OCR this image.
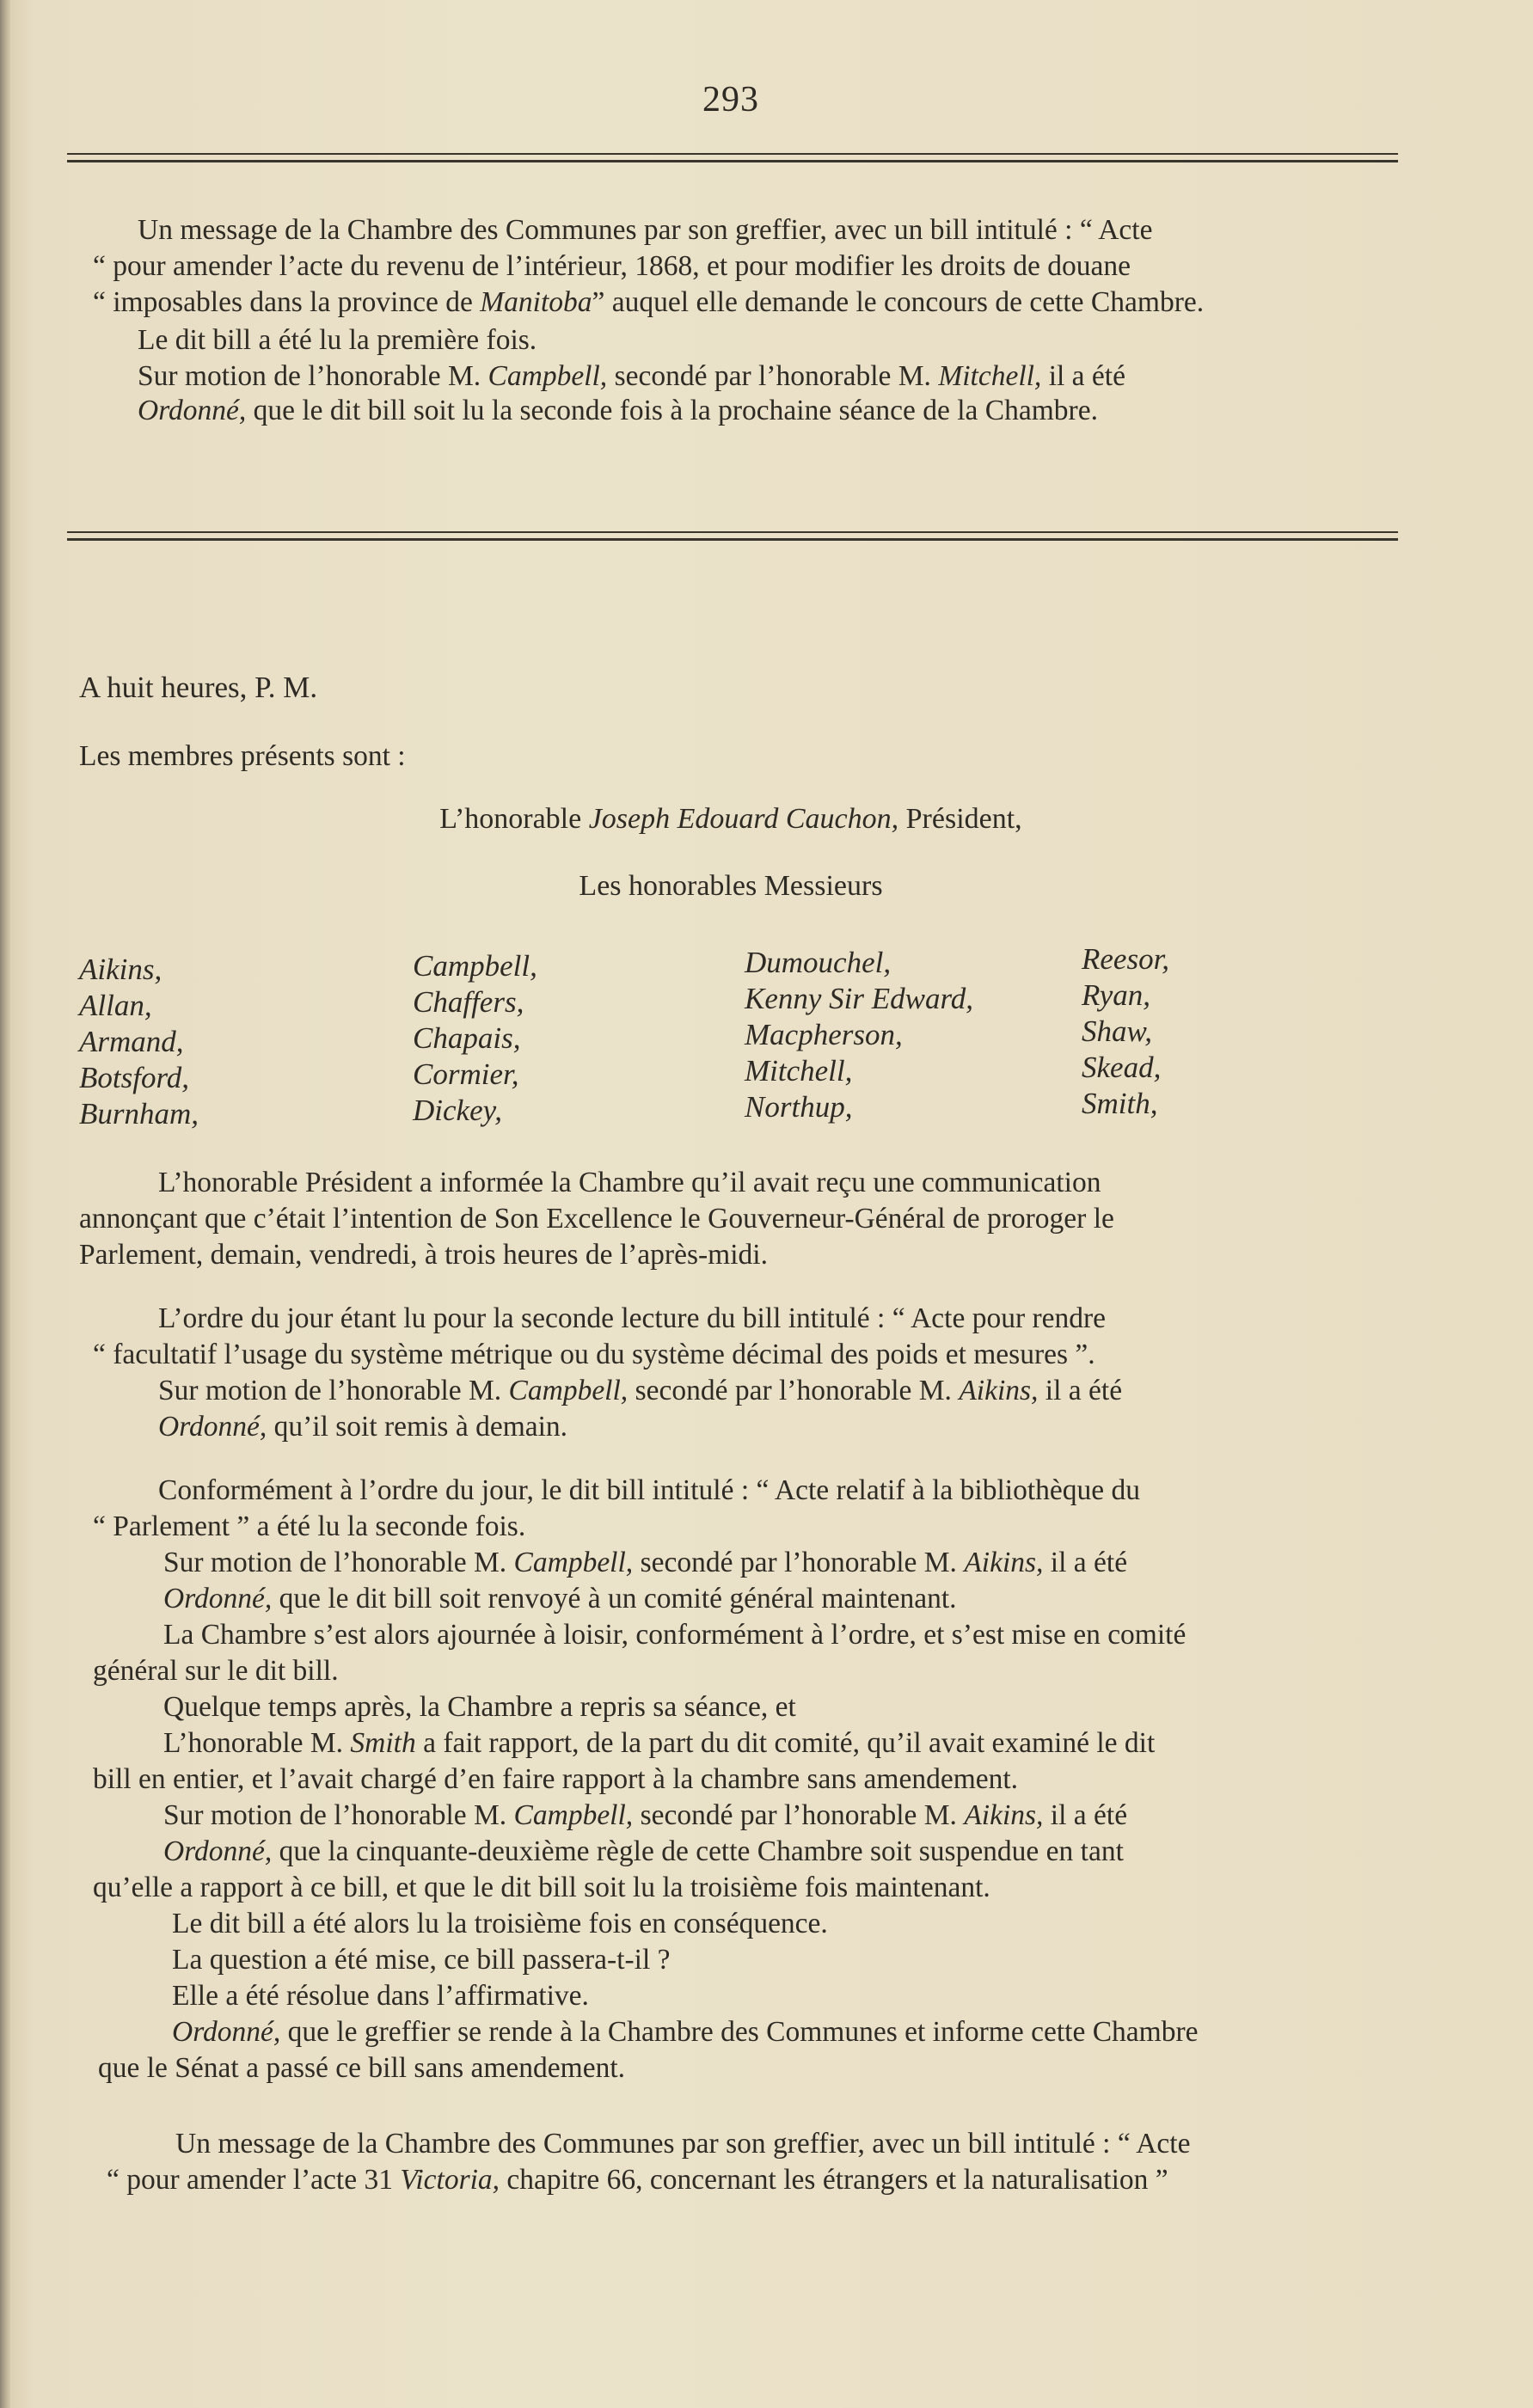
293
Un message de la Chambre des Communes par son greffier, avec un bill intitulé : “ Acte
“ pour amender l’acte du revenu de l’intérieur, 1868, et pour modifier les droits de douane
“ imposables dans la province de Manitoba” auquel elle demande le concours de cette Chambre.
Le dit bill a été lu la première fois.
Sur motion de l’honorable M. Campbell, secondé par l’honorable M. Mitchell, il a été
Ordonné, que le dit bill soit lu la seconde fois à la prochaine séance de la Chambre.
A huit heures, P. M.
Les membres présents sont :
L’honorable Joseph Edouard Cauchon, Président,
Les honorables Messieurs
Aikins,
Allan,
Armand,
Botsford,
Burnham,
Campbell,
Chaffers,
Chapais,
Cormier,
Dickey,
Dumouchel,
Kenny Sir Edward,
Macpherson,
Mitchell,
Northup,
Reesor,
Ryan,
Shaw,
Skead,
Smith,
L’honorable Président a informée la Chambre qu’il avait reçu une communication
annonçant que c’était l’intention de Son Excellence le Gouverneur-Général de proroger le
Parlement, demain, vendredi, à trois heures de l’après-midi.
L’ordre du jour étant lu pour la seconde lecture du bill intitulé : “ Acte pour rendre
“ facultatif l’usage du système métrique ou du système décimal des poids et mesures ”.
Sur motion de l’honorable M. Campbell, secondé par l’honorable M. Aikins, il a été
Ordonné, qu’il soit remis à demain.
Conformément à l’ordre du jour, le dit bill intitulé : “ Acte relatif à la bibliothèque du
“ Parlement ” a été lu la seconde fois.
Sur motion de l’honorable M. Campbell, secondé par l’honorable M. Aikins, il a été
Ordonné, que le dit bill soit renvoyé à un comité général maintenant.
La Chambre s’est alors ajournée à loisir, conformément à l’ordre, et s’est mise en comité
général sur le dit bill.
Quelque temps après, la Chambre a repris sa séance, et
L’honorable M. Smith a fait rapport, de la part du dit comité, qu’il avait examiné le dit
bill en entier, et l’avait chargé d’en faire rapport à la chambre sans amendement.
Sur motion de l’honorable M. Campbell, secondé par l’honorable M. Aikins, il a été
Ordonné, que la cinquante-deuxième règle de cette Chambre soit suspendue en tant
qu’elle a rapport à ce bill, et que le dit bill soit lu la troisième fois maintenant.
Le dit bill a été alors lu la troisième fois en conséquence.
La question a été mise, ce bill passera-t-il ?
Elle a été résolue dans l’affirmative.
Ordonné, que le greffier se rende à la Chambre des Communes et informe cette Chambre
que le Sénat a passé ce bill sans amendement.
Un message de la Chambre des Communes par son greffier, avec un bill intitulé : “ Acte
“ pour amender l’acte 31 Victoria, chapitre 66, concernant les étrangers et la naturalisation ”
